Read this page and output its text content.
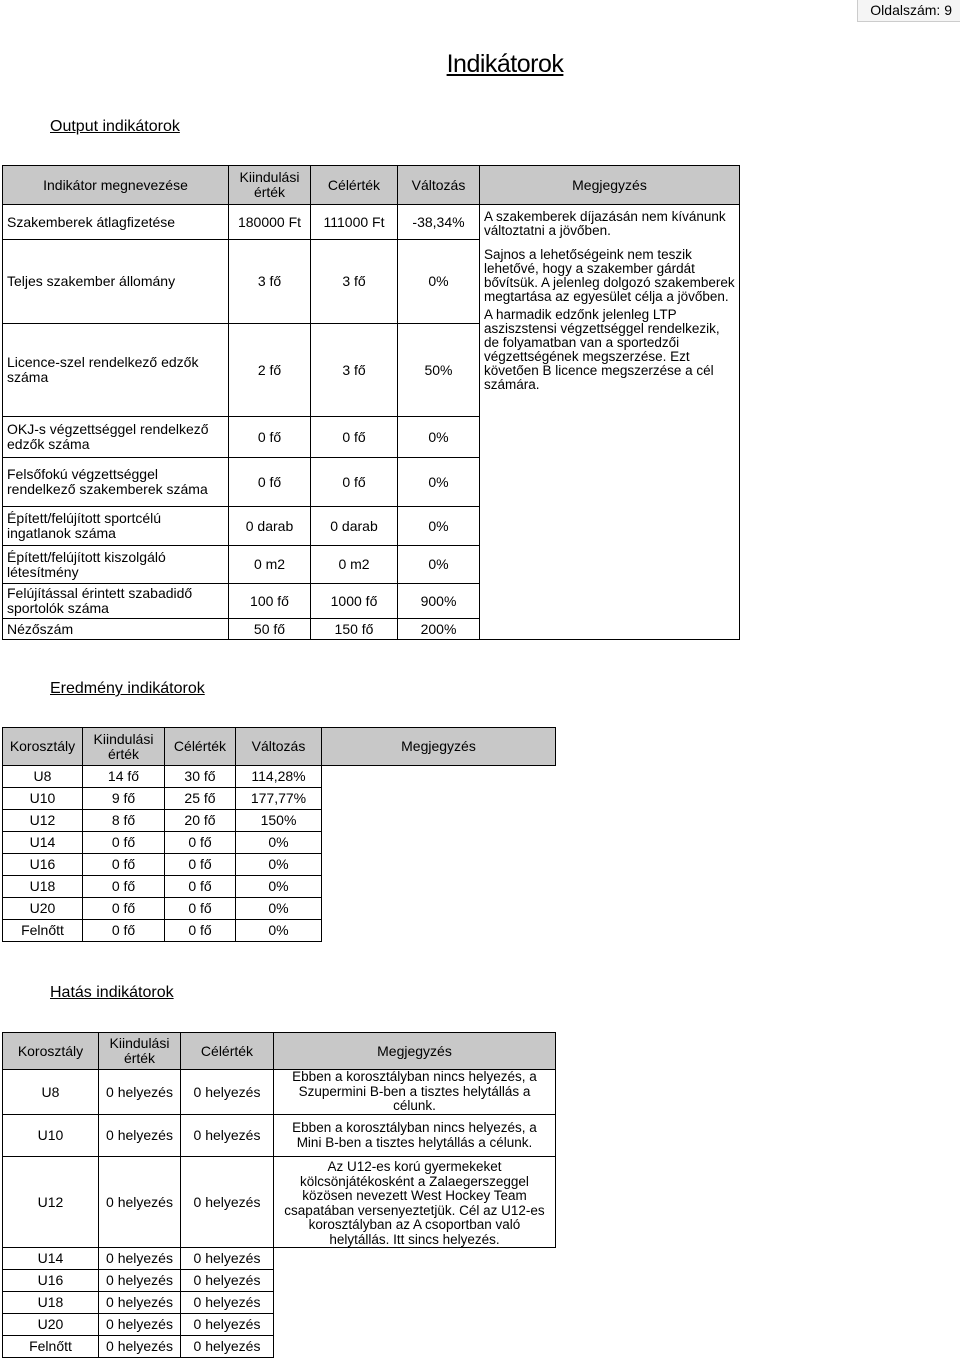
Oldalszám: 9
Indikátorok
Output indikátorok
Indikátor megnevezése	Kiindulási érték	Célérték	Változás	Megjegyzés
Szakemberek átlagfizetése	180000 Ft	111000 Ft	-38,34%	A szakemberek díjazásán nem kívánunk változtatni a jövőben.
Sajnos a lehetőségeink nem teszik lehetővé, hogy a szakember gárdát bővítsük. A jelenleg dolgozó szakemberek megtartása az egyesület célja a jövőben.
A harmadik edzőnk jelenleg LTP asziszstensi végzettséggel rendelkezik, de folyamatban van a sportedzői végzettségének megszerzése. Ezt követően B licence megszerzése a cél számára.

Teljes szakember állomány	3 fő	3 fő	0%	
Licence-szel rendelkező edzők száma	2 fő	3 fő	50%	
OKJ-s végzettséggel rendelkező edzők száma	0 fő	0 fő	0%	
Felsőfokú végzettséggel rendelkező szakemberek száma	0 fő	0 fő	0%	
Épített/felújított sportcélú ingatlanok száma	0 darab	0 darab	0%	
Épített/felújított kiszolgáló létesítmény	0 m2	0 m2	0%	
Felújítással érintett szabadidő sportolók száma	100 fő	1000 fő	900%	
Nézőszám	50 fő	150 fő	200%	
Eredmény indikátorok
Korosztály	Kiindulási érték	Célérték	Változás	Megjegyzés
U8	14 fő	30 fő	114,28%	
U10	9 fő	25 fő	177,77%	
U12	8 fő	20 fő	150%	
U14	0 fő	0 fő	0%	
U16	0 fő	0 fő	0%	
U18	0 fő	0 fő	0%	
U20	0 fő	0 fő	0%	
Felnőtt	0 fő	0 fő	0%	
Hatás indikátorok
Korosztály	Kiindulási érték	Célérték	Megjegyzés
U8	0 helyezés	0 helyezés	Ebben a korosztályban nincs helyezés, a Szupermini B-ben a tisztes helytállás a célunk.
U10	0 helyezés	0 helyezés	Ebben a korosztályban nincs helyezés, a Mini B-ben a tisztes helytállás a célunk.
U12	0 helyezés	0 helyezés	Az U12-es korú gyermekeket kölcsönjátékosként a Zalaegerszeggel közösen nevezett West Hockey Team csapatában versenyeztetjük. Cél az U12-es korosztályban az A csoportban való helytállás. Itt sincs helyezés.
U14	0 helyezés	0 helyezés	
U16	0 helyezés	0 helyezés	
U18	0 helyezés	0 helyezés	
U20	0 helyezés	0 helyezés	
Felnőtt	0 helyezés	0 helyezés	
